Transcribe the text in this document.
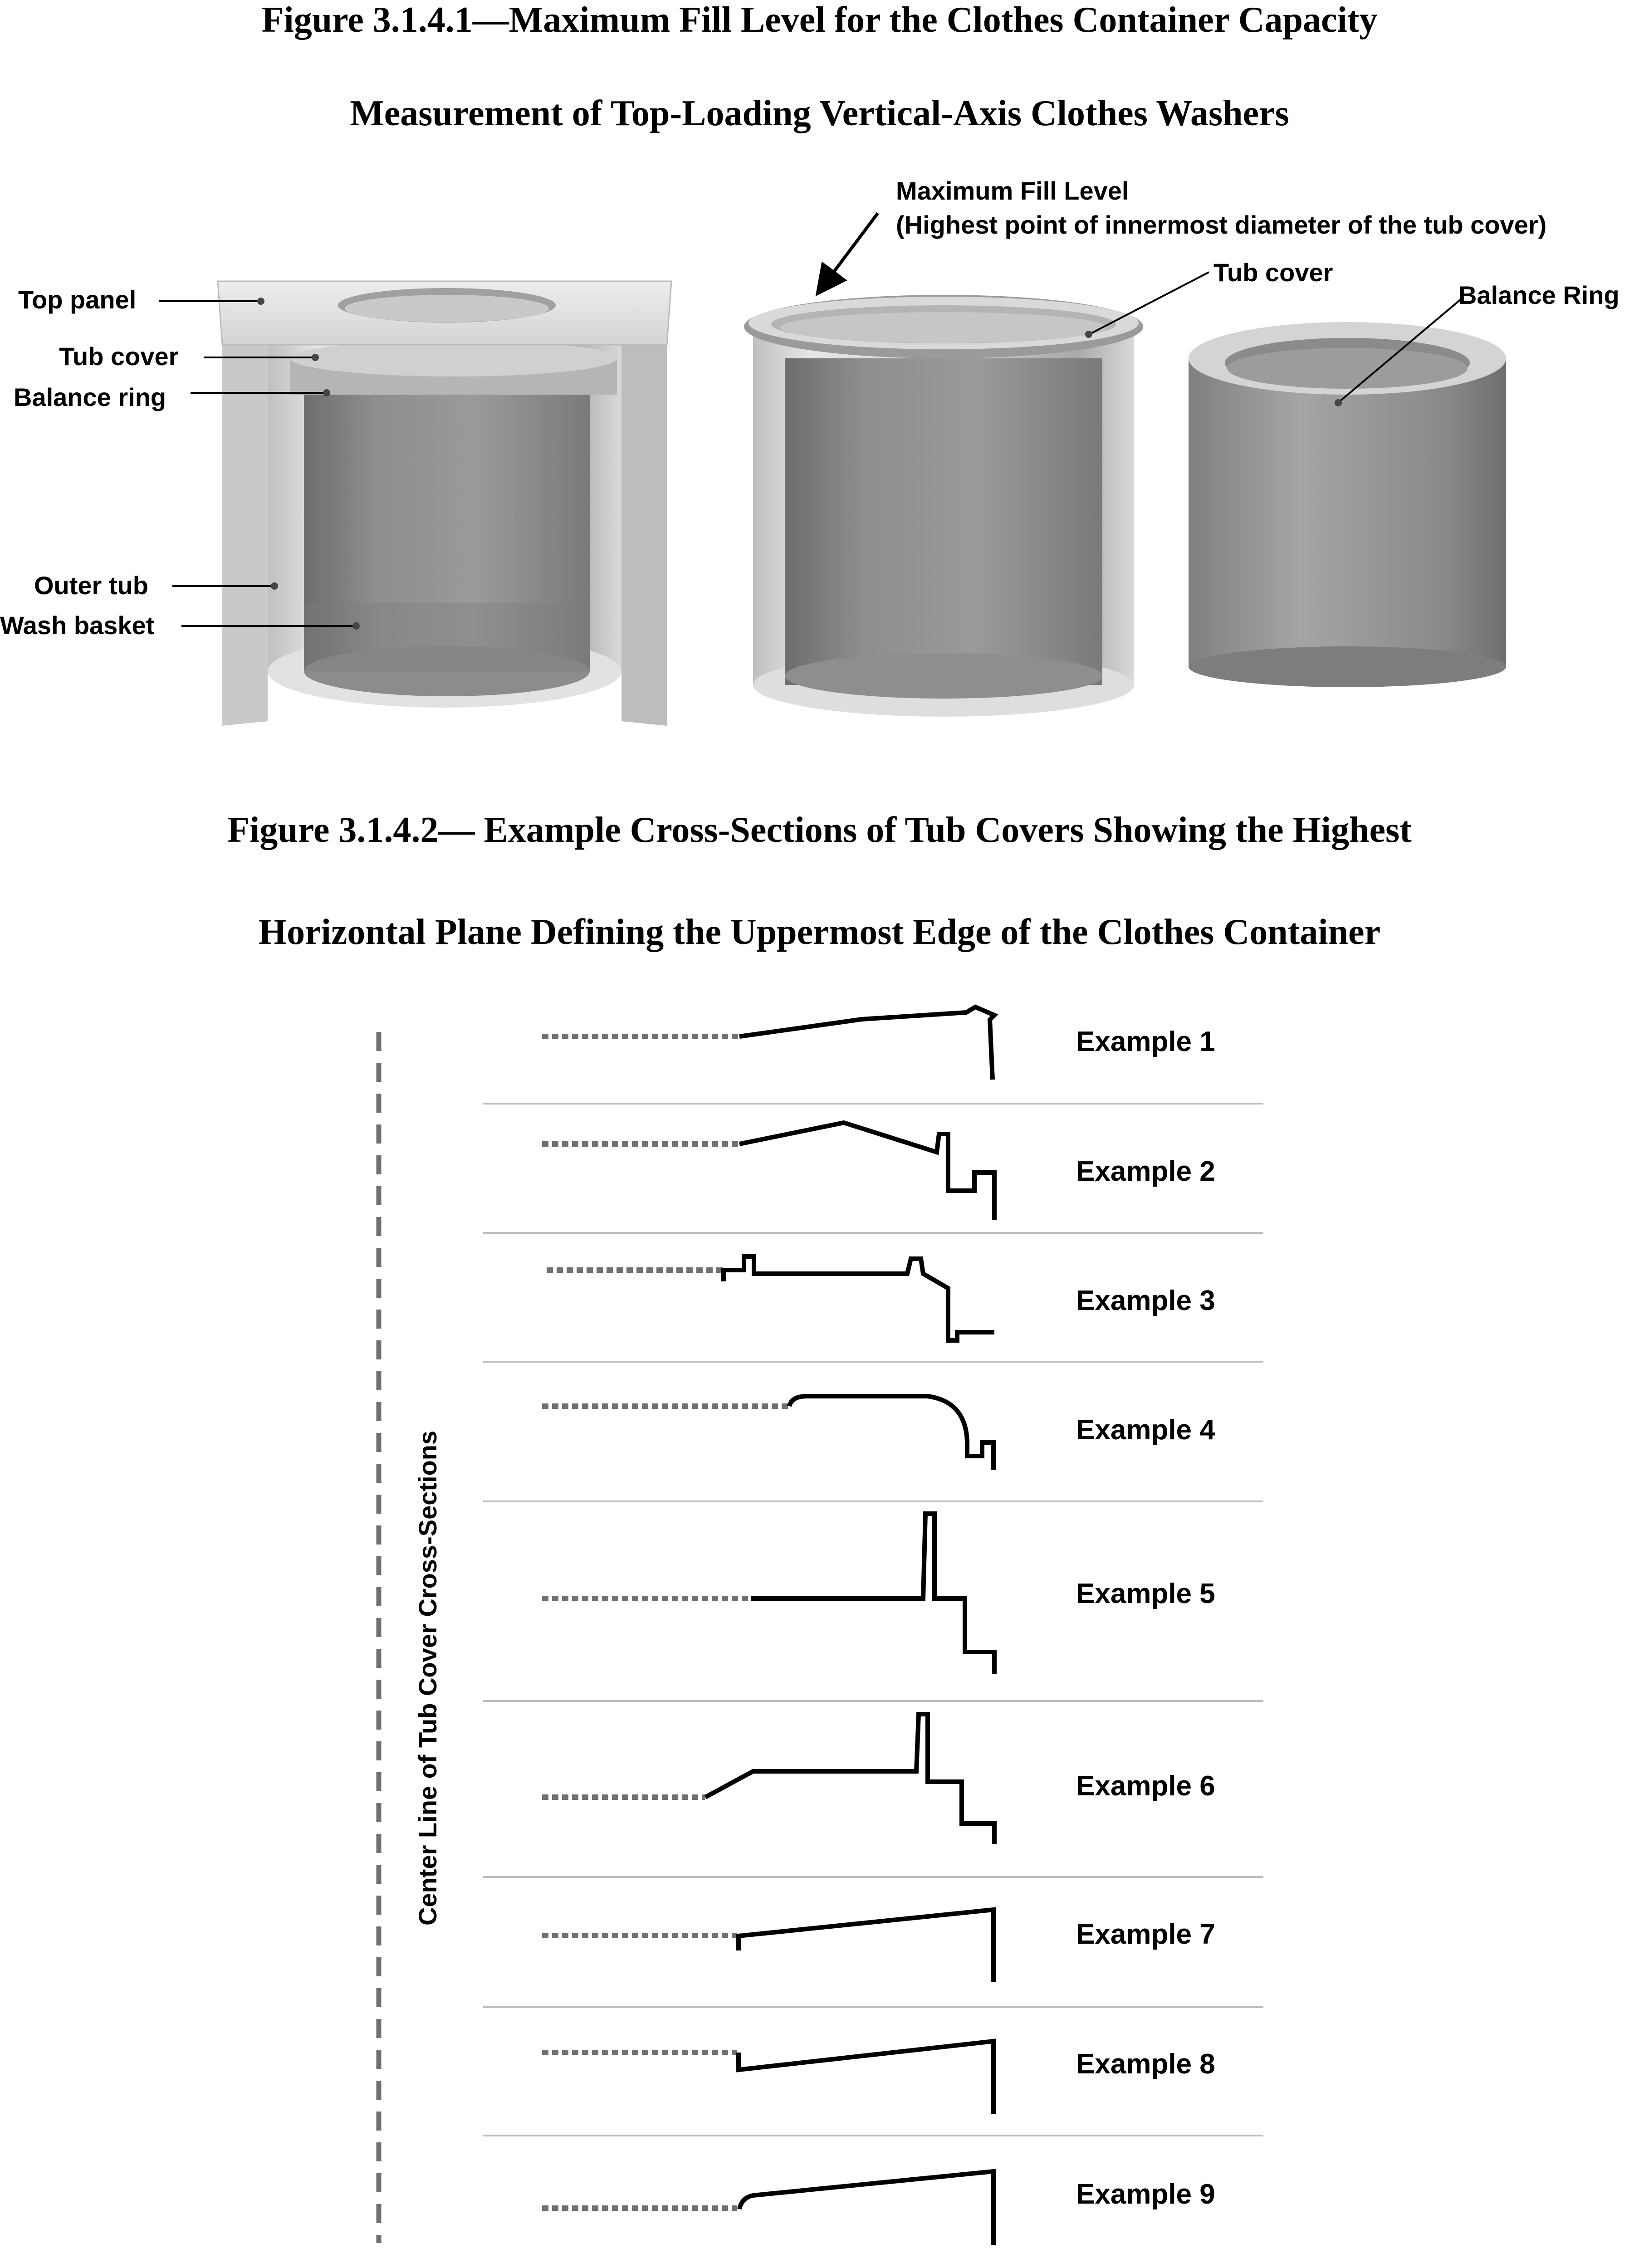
Figure 3.1.4.1—Maximum Fill Level for the Clothes Container Capacity
Measurement of Top-Loading Vertical-Axis Clothes Washers
Figure 3.1.4.2— Example Cross-Sections of Tub Covers Showing the Highest
Horizontal Plane Defining the Uppermost Edge of the Clothes Container
Top panel
Tub cover
Balance ring
Outer tub
Wash basket
Maximum Fill Level
(Highest point of innermost diameter of the tub cover)
Tub cover
Balance Ring
Center Line of Tub Cover Cross-Sections
Example 1
Example 2
Example 3
Example 4
Example 5
Example 6
Example 7
Example 8
Example 9
